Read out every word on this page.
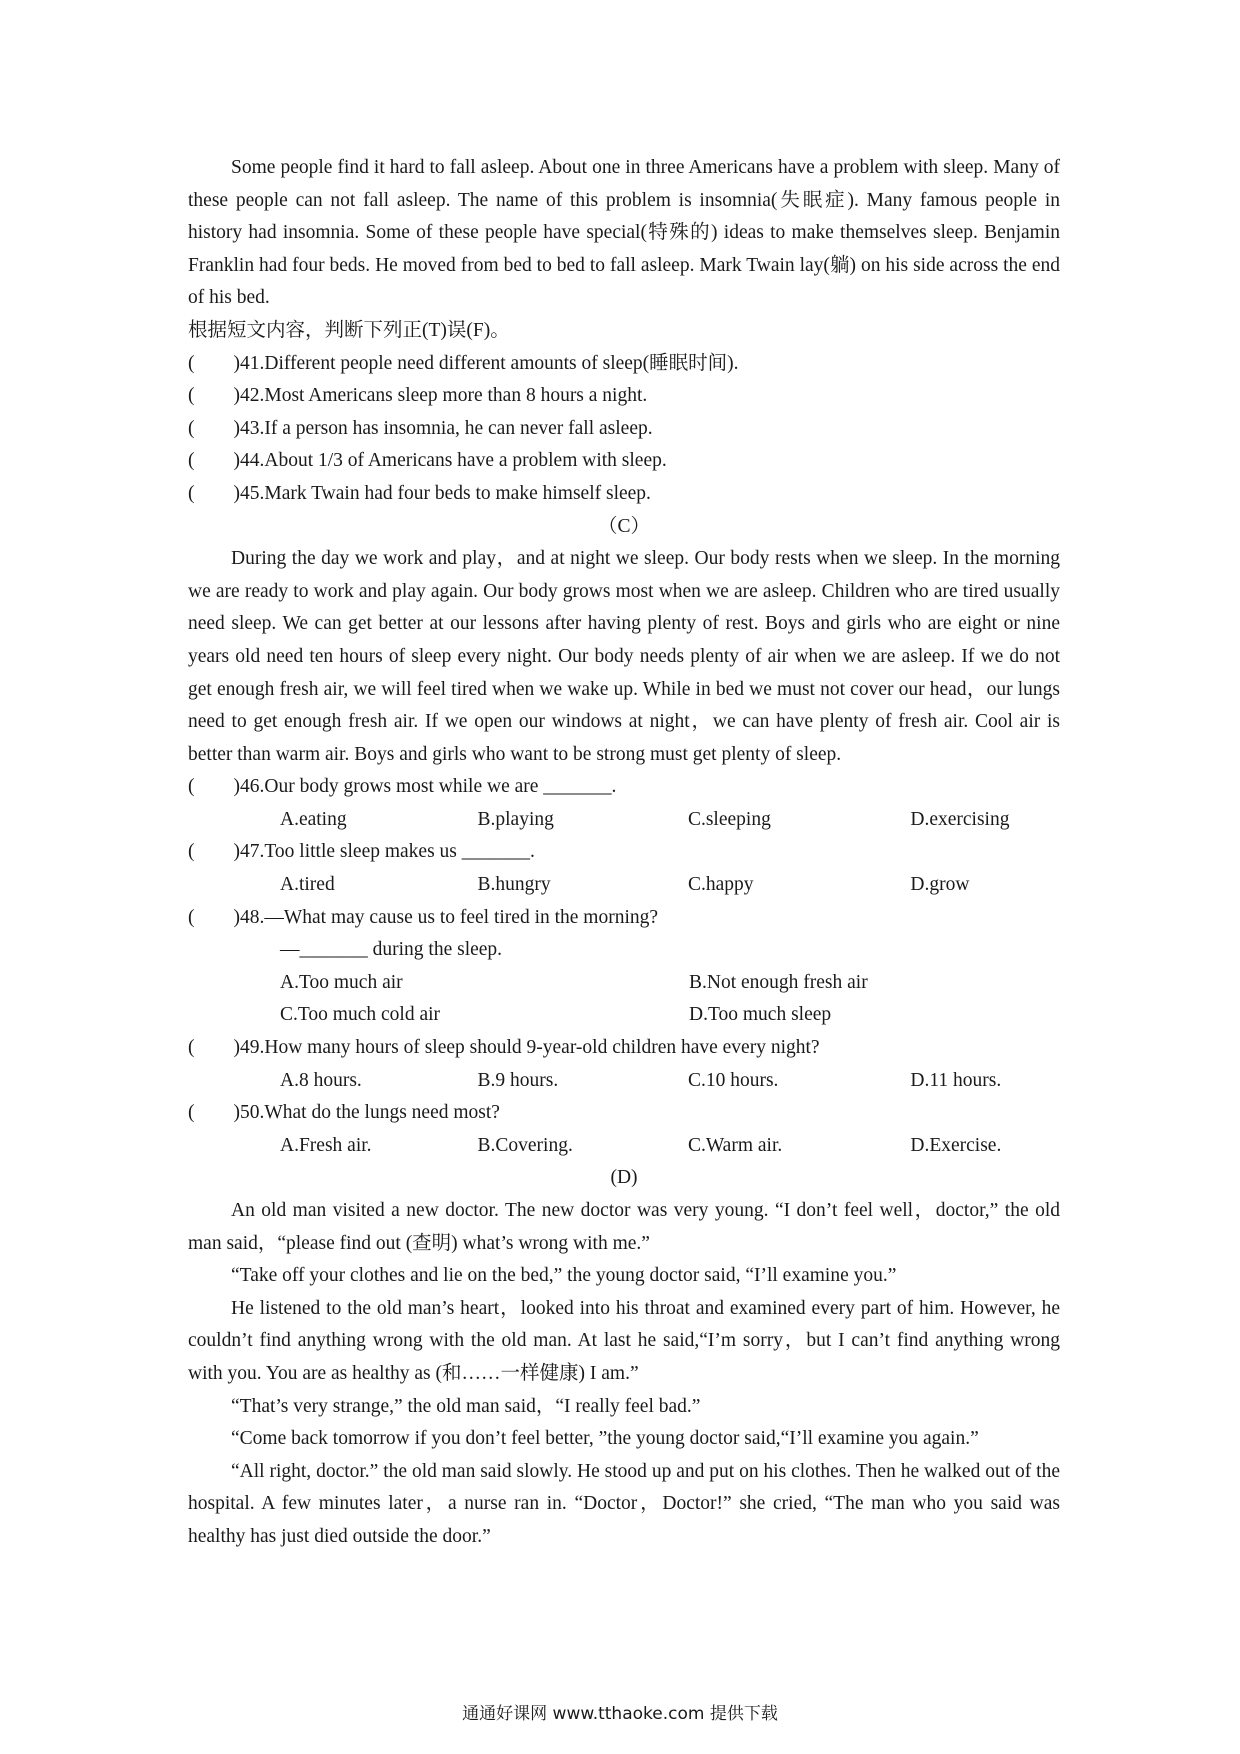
Some people find it hard to fall asleep. About one in three Americans have a problem with sleep. Many of these people can not fall asleep. The name of this problem is insomnia(失眠症). Many famous people in history had insomnia. Some of these people have special(特殊的) ideas to make themselves sleep. Benjamin Franklin had four beds. He moved from bed to bed to fall asleep. Mark Twain lay(躺) on his side across the end of his bed.

根据短文内容，判断下列正(T)误(F)。

(        ) 41.Different people need different amounts of sleep(睡眠时间).
(        ) 42.Most Americans sleep more than 8 hours a night.
(        ) 43.If a person has insomnia, he can never fall asleep.
(        ) 44.About 1/3 of Americans have a problem with sleep.
(        ) 45.Mark Twain had four beds to make himself sleep.

（C）

During the day we work and play，and at night we sleep. Our body rests when we sleep. In the morning we are ready to work and play again. Our body grows most when we are asleep. Children who are tired usually need sleep. We can get better at our lessons after having plenty of rest. Boys and girls who are eight or nine years old need ten hours of sleep every night. Our body needs plenty of air when we are asleep. If we do not get enough fresh air, we will feel tired when we wake up. While in bed we must not cover our head，our lungs need to get enough fresh air. If we open our windows at night，we can have plenty of fresh air. Cool air is better than warm air. Boys and girls who want to be strong must get plenty of sleep.

(        ) 46.Our body grows most while we are _______.
A.eating	B.playing	C.sleeping	D.exercising
(        ) 47.Too little sleep makes us _______.
A.tired	B.hungry	C.happy	D.grow
(        ) 48.—What may cause us to feel tired in the morning?

—_______ during the sleep.

A.Too much air	B.Not enough fresh air
C.Too much cold air	D.Too much sleep
(        ) 49.How many hours of sleep should 9-year-old children have every night?
A.8 hours.	B.9 hours.	C.10 hours.	D.11 hours.
(        ) 50.What do the lungs need most?
A.Fresh air.	B.Covering.	C.Warm air.	D.Exercise.

(D)

An old man visited a new doctor. The new doctor was very young. “I don’t feel well，doctor,” the old man said，“please find out (查明) what’s wrong with me.”

“Take off your clothes and lie on the bed,” the young doctor said, “I’ll examine you.”

He listened to the old man’s heart，looked into his throat and examined every part of him. However, he couldn’t find anything wrong with the old man. At last he said,“I’m sorry，but I can’t find anything wrong with you. You are as healthy as (和……一样健康) I am.”

“That’s very strange,” the old man said，“I really feel bad.”

“Come back tomorrow if you don’t feel better, ”the young doctor said,“I’ll examine you again.”

“All right, doctor.” the old man said slowly. He stood up and put on his clothes. Then he walked out of the hospital. A few minutes later，a nurse ran in. “Doctor，Doctor!” she cried, “The man who you said was healthy has just died outside the door.”

通通好课网 www.tthaoke.com 提供下载
